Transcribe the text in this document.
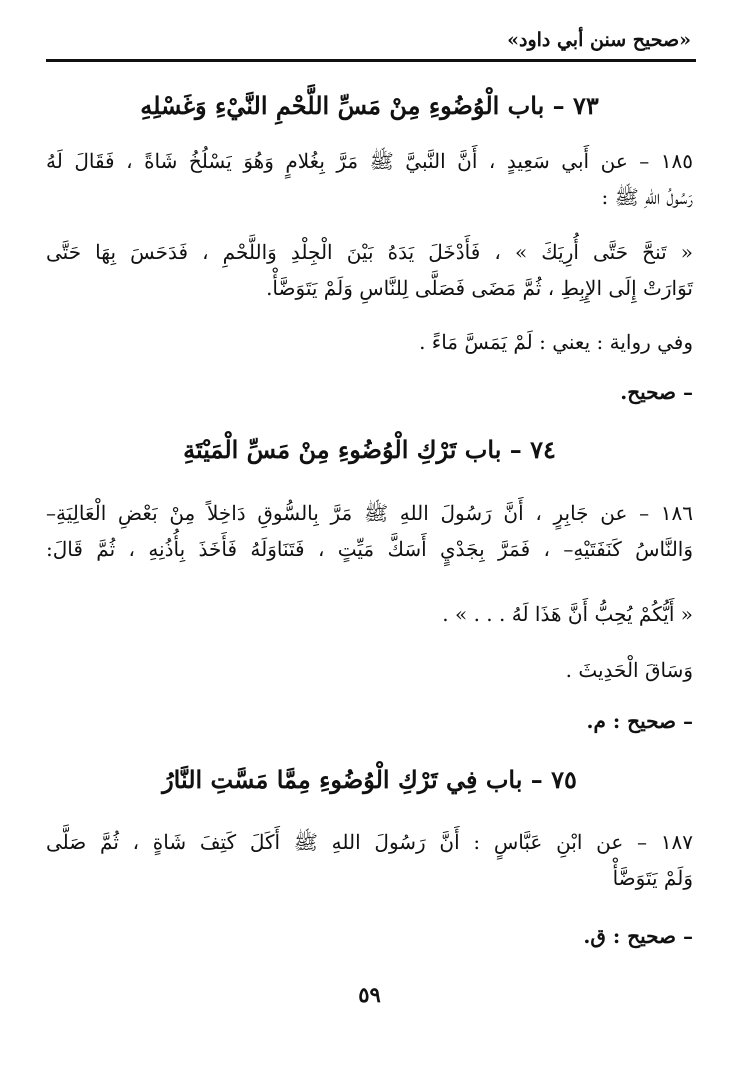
«صحيح سنن أبي داود»
٧٣ – باب الْوُضُوءِ مِنْ مَسِّ اللَّحْمِ النَّيْءِ وَغَسْلِهِ
١٨٥ – عن أَبي سَعِيدٍ ، أَنَّ النَّبيَّ ﷺ مَرَّ بِغُلامٍ وَهُوَ يَسْلُخُ شَاةً ، فَقَالَ لَهُ
رَسُولُ اللهِ ﷺ :
« تَنحَّ حَتَّى أُرِيَكَ » ، فَأَدْخَلَ يَدَهُ بَيْنَ الْجِلْدِ وَاللَّحْمِ ، فَدَحَسَ بِهَا حَتَّى
تَوَارَتْ إِلَى الإِبِطِ ، ثُمَّ مَضَى فَصَلَّى لِلنَّاسِ وَلَمْ يَتَوَضَّأْ.
وفي رواية : يعني : لَمْ يَمَسَّ مَاءً .
– صحيح.
٧٤ – باب تَرْكِ الْوُضُوءِ مِنْ مَسِّ الْمَيْتَةِ
١٨٦ – عن جَابِرٍ ، أَنَّ رَسُولَ اللهِ ﷺ مَرَّ بِالسُّوقِ دَاخِلاً مِنْ بَعْضِ الْعَالِيَةِ–
وَالنَّاسُ كَنَفَتَيْهِ– ، فَمَرَّ بِجَدْيٍ أَسَكَّ مَيِّتٍ ، فَتَنَاوَلَهُ فَأَخَذَ بِأُذُنِهِ ، ثُمَّ قَالَ:
« أَيُّكُمْ يُحِبُّ أَنَّ هَذَا لَهُ . . . » .
وَسَاقَ الْحَدِيثَ .
– صحيح : م.
٧٥ – باب فِي تَرْكِ الْوُضُوءِ مِمَّا مَسَّتِ النَّارُ
١٨٧ – عن ابْنِ عَبَّاسٍ : أَنَّ رَسُولَ اللهِ ﷺ أَكَلَ كَتِفَ شَاةٍ ، ثُمَّ صَلَّى
وَلَمْ يَتَوَضَّأْ
– صحيح : ق.
٥٩
